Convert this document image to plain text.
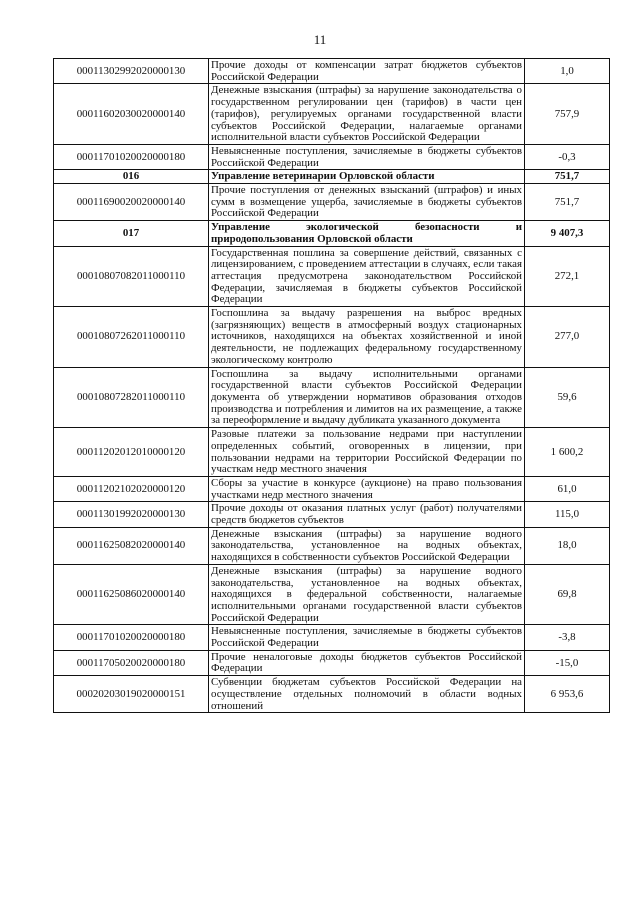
11
00011302992020000130	Прочие доходы от компенсации затрат бюджетов субъектов Российской Федерации	1,0
00011602030020000140	Денежные взыскания (штрафы) за нарушение законодательства о государственном регулировании цен (тарифов) в части цен (тарифов), регулируемых органами государственной власти субъектов Российской Федерации, налагаемые органами исполнительной власти субъектов Российской Федерации	757,9
00011701020020000180	Невыясненные поступления, зачисляемые в бюджеты субъектов Российской Федерации	-0,3
016	Управление ветеринарии Орловской области	751,7
00011690020020000140	Прочие поступления от денежных взысканий (штрафов) и иных сумм в возмещение ущерба, зачисляемые в бюджеты субъектов Российской Федерации	751,7
017	Управление экологической безопасности и природопользования Орловской области	9 407,3
00010807082011000110	Государственная пошлина за совершение действий, связанных с лицензированием, с проведением аттестации в случаях, если такая аттестация предусмотрена законодательством Российской Федерации, зачисляемая в бюджеты субъектов Российской Федерации	272,1
00010807262011000110	Госпошлина за выдачу разрешения на выброс вредных (загрязняющих) веществ в атмосферный воздух стационарных источников, находящихся на объектах хозяйственной и иной деятельности, не подлежащих федеральному государственному экологическому контролю	277,0
00010807282011000110	Госпошлина за выдачу исполнительными органами государственной власти субъектов Российской Федерации документа об утверждении нормативов образования отходов производства и потребления и лимитов на их размещение, а также за переоформление и выдачу дубликата указанного документа	59,6
00011202012010000120	Разовые платежи за пользование недрами при наступлении определенных событий, оговоренных в лицензии, при пользовании недрами на территории Российской Федерации по участкам недр местного значения	1 600,2
00011202102020000120	Сборы за участие в конкурсе (аукционе) на право пользования участками недр местного значения	61,0
00011301992020000130	Прочие доходы от оказания платных услуг (работ) получателями средств бюджетов субъектов	115,0
00011625082020000140	Денежные взыскания (штрафы) за нарушение водного законодательства, установленное на водных объектах, находящихся в собственности субъектов Российской Федерации	18,0
00011625086020000140	Денежные взыскания (штрафы) за нарушение водного законодательства, установленное на водных объектах, находящихся в федеральной собственности, налагаемые исполнительными органами государственной власти субъектов Российской Федерации	69,8
00011701020020000180	Невыясненные поступления, зачисляемые в бюджеты субъектов Российской Федерации	-3,8
00011705020020000180	Прочие неналоговые доходы бюджетов субъектов Российской Федерации	-15,0
00020203019020000151	Субвенции бюджетам субъектов Российской Федерации на осуществление отдельных полномочий в области водных отношений	6 953,6
